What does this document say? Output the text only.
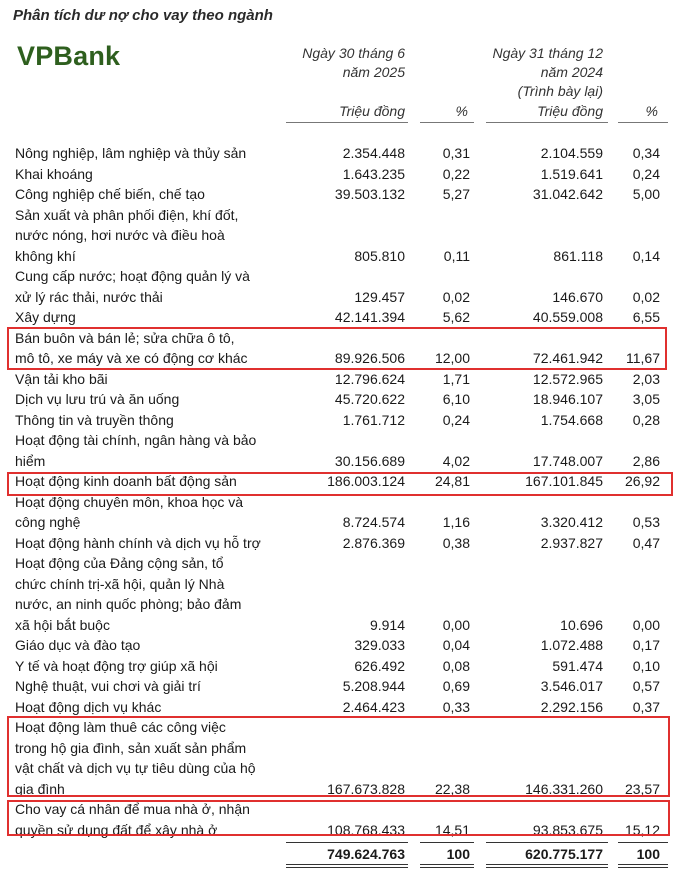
Phân tích dư nợ cho vay theo ngành
VPBank	Ngày 30 tháng 6
năm 2025
Ngày 31 tháng 12
năm 2024
(Trình bày lại)
Triệu đồng	%	Triệu đồng	%
Nông nghiệp, lâm nghiệp và thủy sản	2.354.448	0,31	2.104.559 0,34
Khai khoáng	1.643.235	0,22	1.519.641 0,24
Công nghiệp chế biến, chế tạo	39.503.132	5,27	31.042.642 5,00
Sản xuất và phân phối điện, khí đốt,
nước nóng, hơi nước và điều hoà
không khí	805.810	0,11	861.118 0,14
Cung cấp nước; hoạt động quản lý và
xử lý rác thải, nước thải	129.457	0,02	146.670 0,02
Xây dựng	42.141.394	5,62	40.559.008 6,55
Bán buôn và bán lẻ; sửa chữa ô tô,
mô tô, xe máy và xe có động cơ khác	89.926.506 12,00	72.461.942 11,67
Vận tải kho bãi	12.796.624	1,71	12.572.965 2,03
Dịch vụ lưu trú và ăn uống	45.720.622	6,10	18.946.107 3,05
Thông tin và truyền thông	1.761.712	0,24	1.754.668 0,28
Hoạt động tài chính, ngân hàng và bảo
hiểm	30.156.689	4,02	17.748.007 2,86
Hoạt động kinh doanh bất động sản	186.003.124 24,81	167.101.845 26,92
Hoạt động chuyên môn, khoa học và
công nghệ	8.724.574	1,16	3.320.412 0,53
Hoạt động hành chính và dịch vụ hỗ trợ	2.876.369	0,38	2.937.827 0,47
Hoạt động của Đảng cộng sản, tổ
chức chính trị-xã hội, quản lý Nhà
nước, an ninh quốc phòng; bảo đảm
xã hội bắt buộc	9.914	0,00	10.696 0,00
Giáo dục và đào tạo	329.033	0,04	1.072.488 0,17
Y tế và hoạt động trợ giúp xã hội	626.492	0,08	591.474 0,10
Nghệ thuật, vui chơi và giải trí	5.208.944	0,69	3.546.017 0,57
Hoạt động dịch vụ khác	2.464.423	0,33	2.292.156 0,37
Hoạt động làm thuê các công việc
trong hộ gia đình, sản xuất sản phẩm
vật chất và dịch vụ tự tiêu dùng của hộ
gia đình	167.673.828 22,38	146.331.260 23,57
Cho vay cá nhân để mua nhà ở, nhận
quyền sử dụng đất để xây nhà ở	108.768.433 14,51	93.853.675 15,12
749.624.763	100	620.775.177 100
